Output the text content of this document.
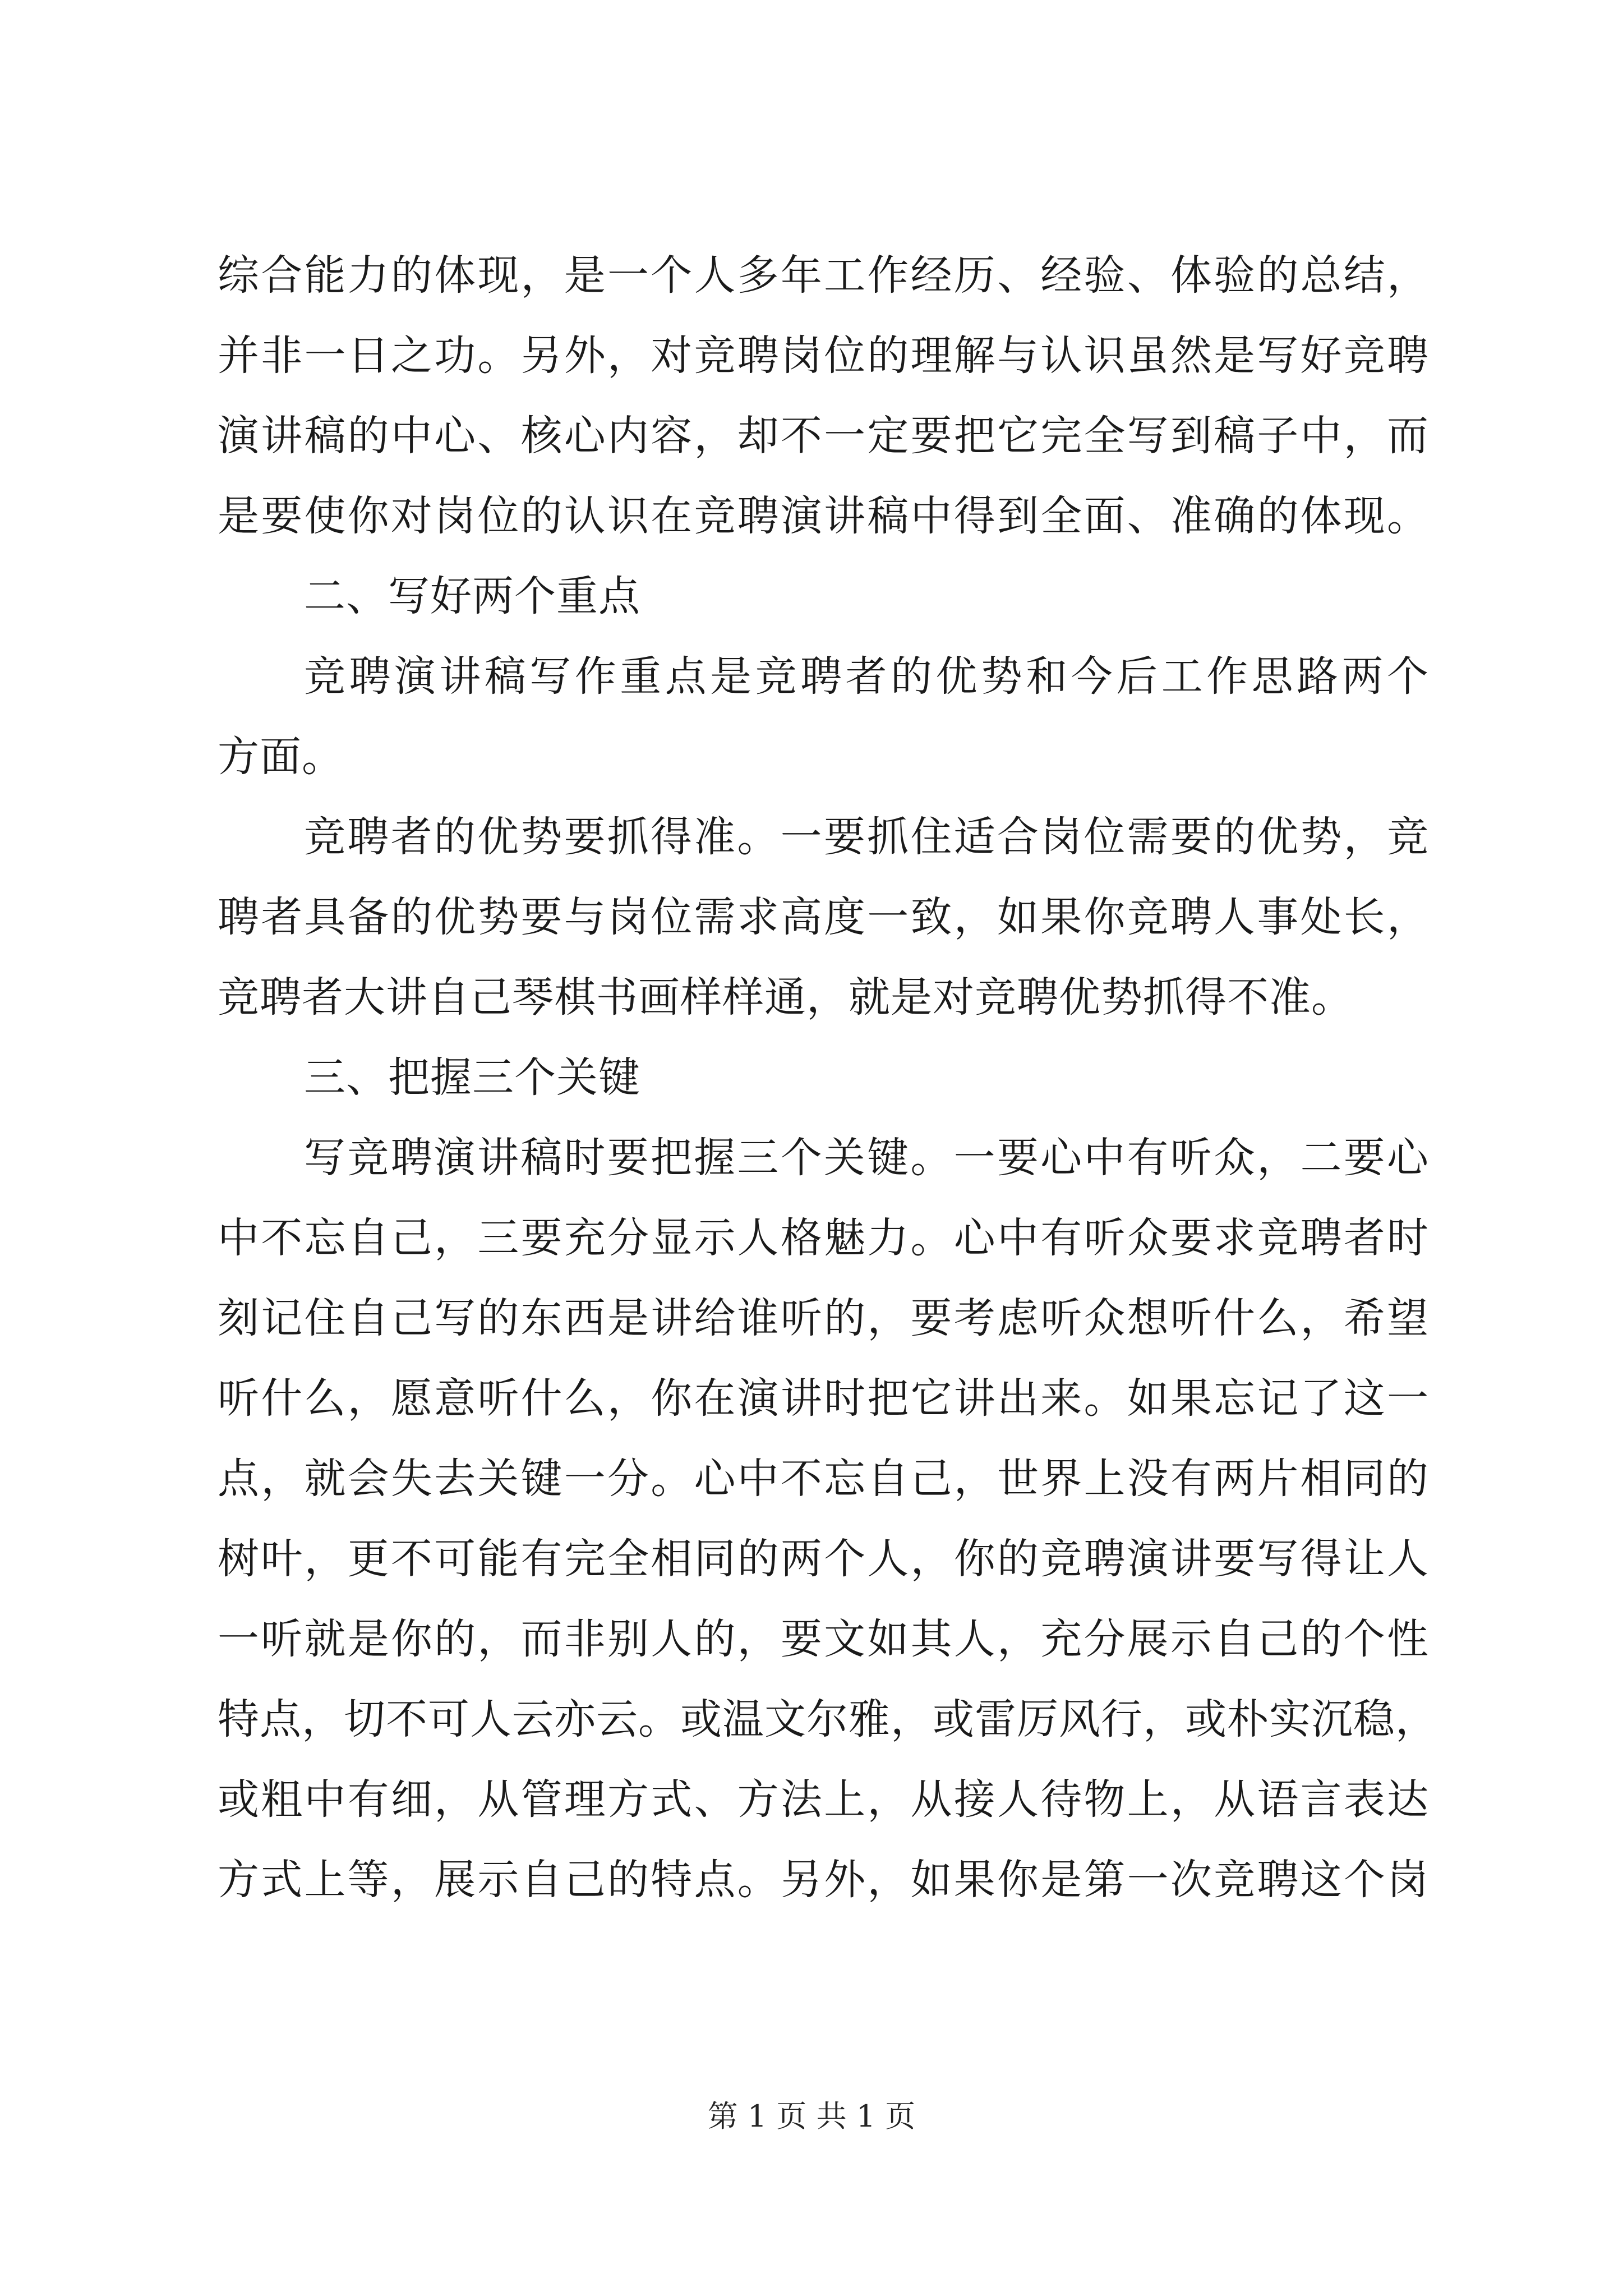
综合能力的体现，是一个人多年工作经历、经验、体验的总结，
并非一日之功。另外，对竞聘岗位的理解与认识虽然是写好竞聘
演讲稿的中心、核心内容，却不一定要把它完全写到稿子中，而
是要使你对岗位的认识在竞聘演讲稿中得到全面、准确的体现。
二、写好两个重点
竞聘演讲稿写作重点是竞聘者的优势和今后工作思路两个
方面。
竞聘者的优势要抓得准。一要抓住适合岗位需要的优势，竞
聘者具备的优势要与岗位需求高度一致，如果你竞聘人事处长，
竞聘者大讲自己琴棋书画样样通，就是对竞聘优势抓得不准。
三、把握三个关键
写竞聘演讲稿时要把握三个关键。一要心中有听众，二要心
中不忘自己，三要充分显示人格魅力。心中有听众要求竞聘者时
刻记住自己写的东西是讲给谁听的，要考虑听众想听什么，希望
听什么，愿意听什么，你在演讲时把它讲出来。如果忘记了这一
点，就会失去关键一分。心中不忘自己，世界上没有两片相同的
树叶，更不可能有完全相同的两个人，你的竞聘演讲要写得让人
一听就是你的，而非别人的，要文如其人，充分展示自己的个性
特点，切不可人云亦云。或温文尔雅，或雷厉风行，或朴实沉稳，
或粗中有细，从管理方式、方法上，从接人待物上，从语言表达
方式上等，展示自己的特点。另外，如果你是第一次竞聘这个岗
第 1 页 共 1 页
